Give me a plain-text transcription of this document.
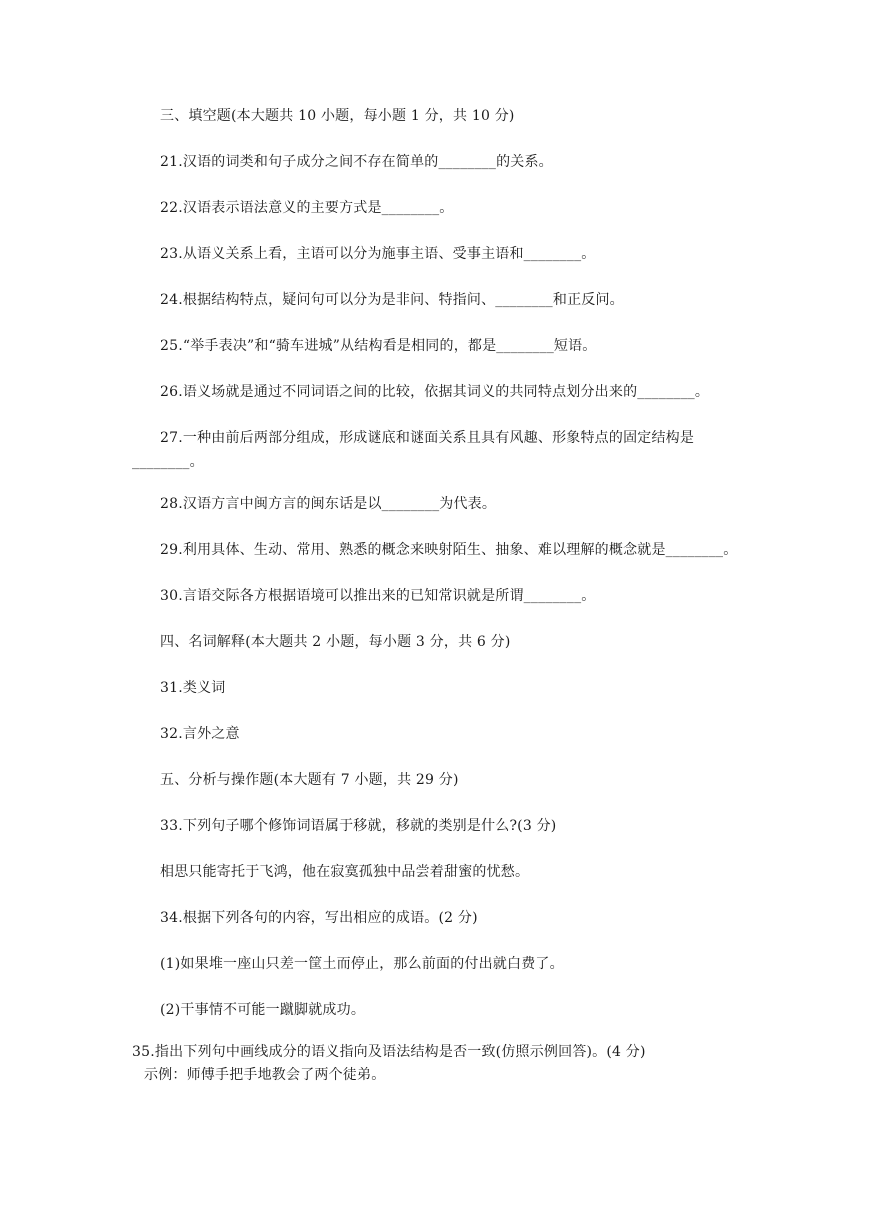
三、填空题(本大题共 10 小题，每小题 1 分，共 10 分)
21.汉语的词类和句子成分之间不存在简单的________的关系。
22.汉语表示语法意义的主要方式是________。
23.从语义关系上看，主语可以分为施事主语、受事主语和________。
24.根据结构特点，疑问句可以分为是非问、特指问、________和正反问。
25.“举手表决”和“骑车进城”从结构看是相同的，都是________短语。
26.语义场就是通过不同词语之间的比较，依据其词义的共同特点划分出来的________。
27.一种由前后两部分组成，形成谜底和谜面关系且具有风趣、形象特点的固定结构是
________。
28.汉语方言中闽方言的闽东话是以________为代表。
29.利用具体、生动、常用、熟悉的概念来映射陌生、抽象、难以理解的概念就是________。
30.言语交际各方根据语境可以推出来的已知常识就是所谓________。
四、名词解释(本大题共 2 小题，每小题 3 分，共 6 分)
31.类义词
32.言外之意
五、分析与操作题(本大题有 7 小题，共 29 分)
33.下列句子哪个修饰词语属于移就，移就的类别是什么?(3 分)
相思只能寄托于飞鸿，他在寂寞孤独中品尝着甜蜜的忧愁。
34.根据下列各句的内容，写出相应的成语。(2 分)
(1)如果堆一座山只差一筐土而停止，那么前面的付出就白费了。
(2)干事情不可能一蹴脚就成功。
35.指出下列句中画线成分的语义指向及语法结构是否一致(仿照示例回答)。(4 分)
示例：师傅手把手地教会了两个徒弟。
